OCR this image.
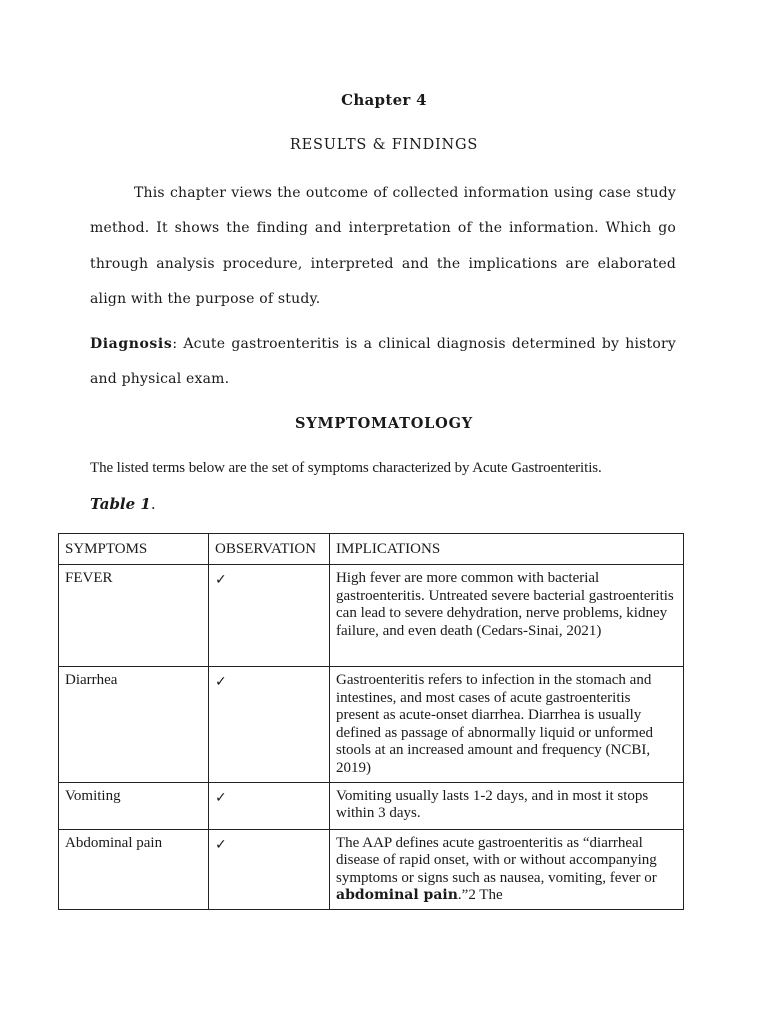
Chapter 4
RESULTS & FINDINGS

This chapter views the outcome of collected information using case study method. It shows the finding and interpretation of the information. Which go through analysis procedure, interpreted and the implications are elaborated align with the purpose of study.

Diagnosis: Acute gastroenteritis is a clinical diagnosis determined by history and physical exam.

SYMPTOMATOLOGY
The listed terms below are the set of symptoms characterized by Acute Gastroenteritis.
Table 1.
SYMPTOMS	OBSERVATION	IMPLICATIONS
FEVER	✓	High fever are more common with bacterial gastroenteritis. Untreated severe bacterial gastroenteritis can lead to severe dehydration, nerve problems, kidney failure, and even death (Cedars-Sinai, 2021)
Diarrhea	✓	Gastroenteritis refers to infection in the stomach and intestines, and most cases of acute gastroenteritis present as acute-onset diarrhea. Diarrhea is usually defined as passage of abnormally liquid or unformed stools at an increased amount and frequency (NCBI, 2019)
Vomiting	✓	Vomiting usually lasts 1-2 days, and in most it stops within 3 days.
Abdominal pain	✓	The AAP defines acute gastroenteritis as “diarrheal disease of rapid onset, with or without accompanying symptoms or signs such as nausea, vomiting, fever or abdominal pain.”2 The
